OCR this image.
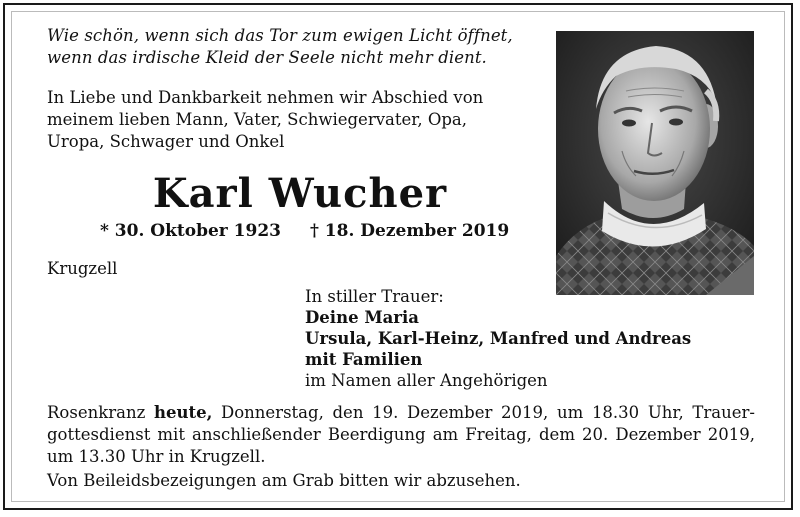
Wie schön, wenn sich das Tor zum ewigen Licht öffnet,
wenn das irdische Kleid der Seele nicht mehr dient.
In Liebe und Dankbarkeit nehmen wir Abschied von
meinem lieben Mann, Vater, Schwiegervater, Opa,
Uropa, Schwager und Onkel
Karl Wucher
* 30. Oktober 1923 † 18. Dezember 2019
Krugzell
In stiller Trauer:
Deine Maria
Ursula, Karl-Heinz, Manfred und Andreas
mit Familien
im Namen aller Angehörigen
Rosenkranz heute, Donnerstag, den 19. Dezember 2019, um 18.30 Uhr, Trauer-
gottesdienst mit anschließender Beerdigung am Freitag, dem 20. Dezember 2019,
um 13.30 Uhr in Krugzell.
Von Beileidsbezeigungen am Grab bitten wir abzusehen.
